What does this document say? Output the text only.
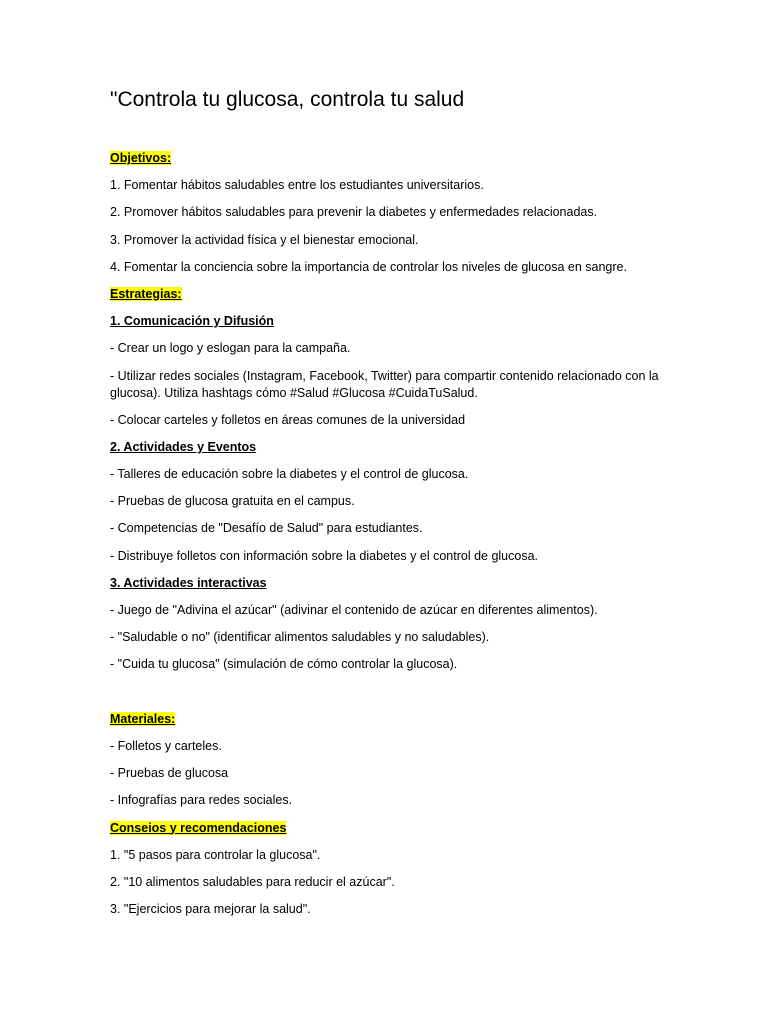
"Controla tu glucosa, controla tu salud
Objetivos:
1. Fomentar hábitos saludables entre los estudiantes universitarios.
2. Promover hábitos saludables para prevenir la diabetes y enfermedades relacionadas.
3. Promover la actividad física y el bienestar emocional.
4. Fomentar la conciencia sobre la importancia de controlar los niveles de glucosa en sangre.
Estrategias:
1. Comunicación y Difusión
- Crear un logo y eslogan para la campaña.
- Utilizar redes sociales (Instagram, Facebook, Twitter) para compartir contenido relacionado con la glucosa). Utiliza hashtags cómo #Salud #Glucosa #CuidaTuSalud.
- Colocar carteles y folletos en áreas comunes de la universidad
2. Actividades y Eventos
- Talleres de educación sobre la diabetes y el control de glucosa.
- Pruebas de glucosa gratuita en el campus.
- Competencias de "Desafío de Salud" para estudiantes.
- Distribuye folletos con información sobre la diabetes y el control de glucosa.
3. Actividades interactivas
- Juego de "Adivina el azúcar" (adivinar el contenido de azúcar en diferentes alimentos).
- "Saludable o no" (identificar alimentos saludables y no saludables).
- "Cuida tu glucosa" (simulación de cómo controlar la glucosa).
Materiales:
- Folletos y carteles.
- Pruebas de glucosa
- Infografías para redes sociales.
Conseios y recomendaciones
1. "5 pasos para controlar la glucosa".
2. "10 alimentos saludables para reducir el azúcar".
3. "Ejercicios para mejorar la salud".
